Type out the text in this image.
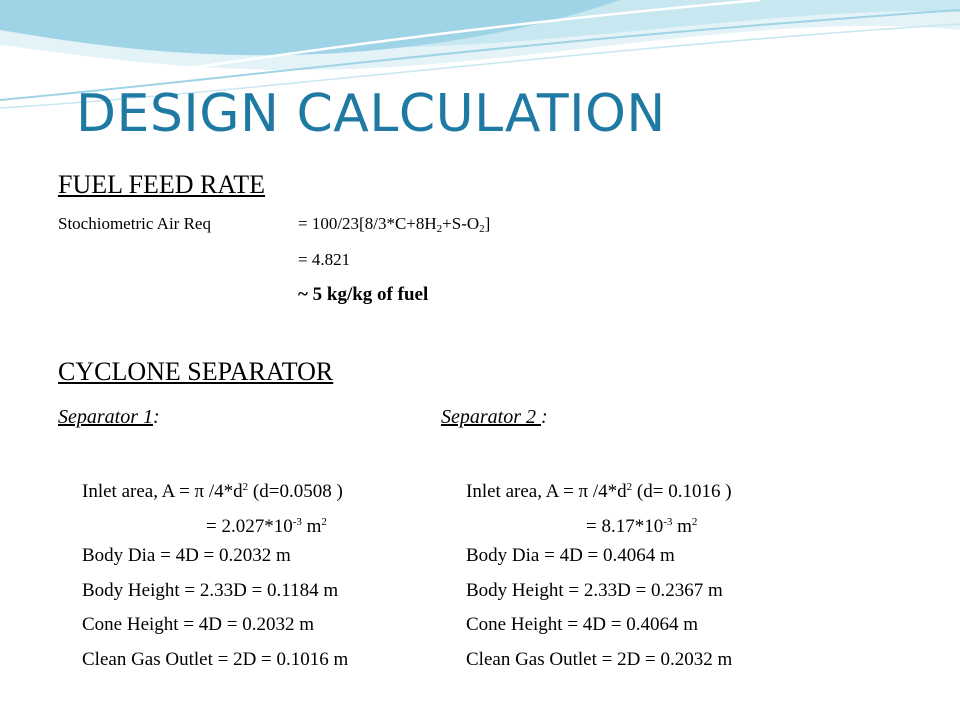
DESIGN CALCULATION
FUEL FEED RATE
Stochiometric Air Req	= $100/23[8/3*C+8H_2+S-O_2]$
= 4.821
~ 5 kg/kg of fuel
CYCLONE SEPARATOR
Separator 1:	Separator 2 :
Inlet area, A = π $/4*d^2$ (d=0.0508 )
= $2.027*10^{-3}$ $m^2$
Body Dia = 4D = 0.2032 m
Body Height = 2.33D = 0.1184 m
Cone Height = 4D = 0.2032 m
Clean Gas Outlet = 2D = 0.1016 m
Inlet area, A = π $/4*d^2$ (d= 0.1016 )
= $8.17*10^{-3}$ $m^2$
Body Dia = 4D = 0.4064 m
Body Height = 2.33D = 0.2367 m
Cone Height = 4D = 0.4064 m
Clean Gas Outlet = 2D = 0.2032 m
